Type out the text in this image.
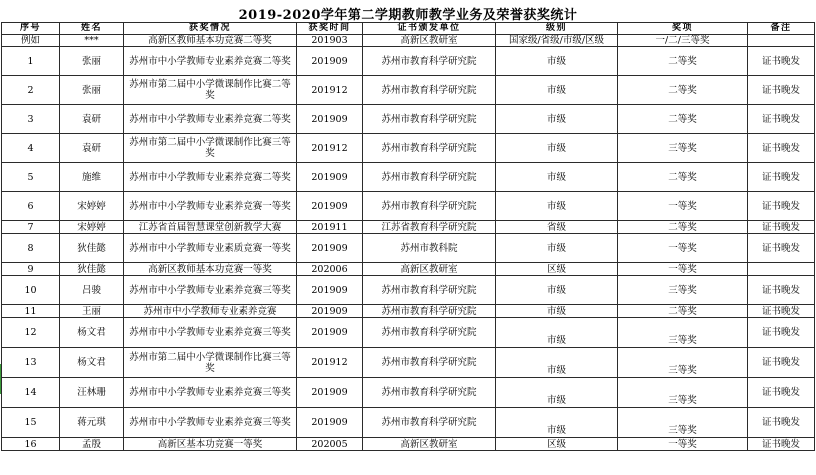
2019-2020学年第二学期教师教学业务及荣誉获奖统计
序号	姓名	获奖情况	获奖时间	证书颁发单位	级别	奖项	备注
例如	***	高新区教师基本功竞赛二等奖	201903	高新区教研室	国家级/省级/市级/区级	一/二/三等奖	
1	张丽	苏州市中小学教师专业素养竞赛二等奖	201909	苏州市教育科学研究院	市级	二等奖	证书晚发
2	张丽	苏州市第二届中小学微课制作比赛二等奖	201912	苏州市教育科学研究院	市级	二等奖	证书晚发
3	袁研	苏州市中小学教师专业素养竞赛二等奖	201909	苏州市教育科学研究院	市级	二等奖	证书晚发
4	袁研	苏州市第二届中小学微课制作比赛三等奖	201912	苏州市教育科学研究院	市级	三等奖	证书晚发
5	施维	苏州市中小学教师专业素养竞赛二等奖	201909	苏州市教育科学研究院	市级	二等奖	证书晚发
6	宋婷婷	苏州市中小学教师专业素养竞赛一等奖	201909	苏州市教育科学研究院	市级	一等奖	证书晚发
7	宋婷婷	江苏省首届智慧课堂创新教学大赛	201911	江苏省教育科学研究院	省级	二等奖	证书晚发
8	狄佳懿	苏州市中小学教师专业素质竞赛一等奖	201909	苏州市教科院	市级	一等奖	证书晚发
9	狄佳懿	高新区教师基本功竞赛一等奖	202006	高新区教研室	区级	一等奖	
10	吕骏	苏州市中小学教师专业素养竞赛三等奖	201909	苏州市教育科学研究院	市级	三等奖	证书晚发
11	王丽	苏州市中小学教师专业素养竞赛	201909	苏州市教育科学研究院	市级	二等奖	证书晚发
12	杨文君	苏州市中小学教师专业素养竞赛三等奖	201909	苏州市教育科学研究院	市级	三等奖	证书晚发
13	杨文君	苏州市第二届中小学微课制作比赛三等奖	201912	苏州市教育科学研究院	市级	三等奖	证书晚发
14	汪林珊	苏州市中小学教师专业素养竞赛三等奖	201909	苏州市教育科学研究院	市级	三等奖	证书晚发
15	蒋元琪	苏州市中小学教师专业素养竞赛三等奖	201909	苏州市教育科学研究院	市级	三等奖	证书晚发
16	孟殷	高新区基本功竞赛一等奖	202005	高新区教研室	区级	一等奖	证书晚发
